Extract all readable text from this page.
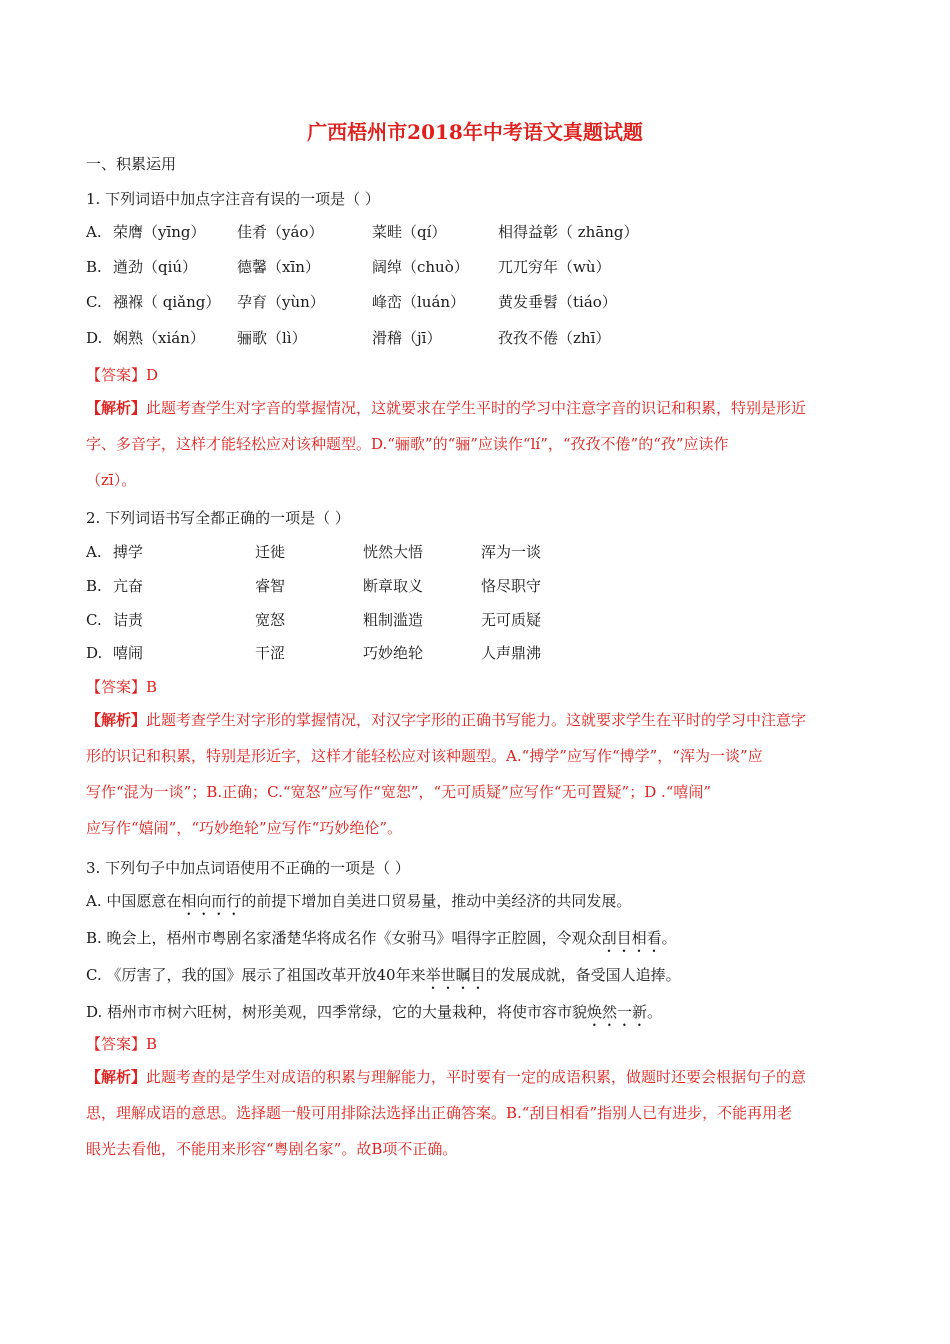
广西梧州市2018年中考语文真题试题
一、积累运用
1. 下列词语中加点字注音有误的一项是（ ）
A. 荣膺（yīng） 佳肴（yáo）	菜畦（qí）	相得益彰（ zhāng）
B. 遒劲（qiú）	德馨（xīn）	阔绰（chuò） 兀兀穷年（wù）
C. 襁褓（ qiǎng） 孕育（yùn）	峰峦（luán） 黄发垂髫（tiáo）
D. 娴熟（xián） 骊歌（lì）	滑稽（jī）	孜孜不倦（zhī）
【答案】D
【解析】此题考查学生对字音的掌握情况，这就要求在学生平时的学习中注意字音的识记和积累，特别是形近
字、多音字，这样才能轻松应对该种题型。D.“骊歌”的“骊”应读作“lí”，“孜孜不倦”的“孜”应读作
（zī）。
2. 下列词语书写全都正确的一项是（ ）
A. 搏学	迁徙	恍然大悟	浑为一谈
B. 亢奋	睿智	断章取义	恪尽职守
C. 诘责	宽怒	粗制滥造	无可质疑
D. 嘻闹	干涩	巧妙绝轮	人声鼎沸
【答案】B
【解析】此题考查学生对字形的掌握情况，对汉字字形的正确书写能力。这就要求学生在平时的学习中注意字
形的识记和积累，特别是形近字，这样才能轻松应对该种题型。A.“搏学”应写作“博学”，“浑为一谈”应
写作“混为一谈”；B.正确；C.“宽怒”应写作“宽恕”，“无可质疑”应写作“无可置疑”；D .“嘻闹”
应写作“嬉闹”，“巧妙绝轮”应写作“巧妙绝伦”。
3. 下列句子中加点词语使用不正确的一项是（ ）
A. 中国愿意在相向而行的前提下增加自美进口贸易量，推动中美经济的共同发展。
B. 晚会上，梧州市粤剧名家潘楚华将成名作《女驸马》唱得字正腔圆，令观众刮目相看。
C. 《厉害了，我的国》展示了祖国改革开放40年来举世瞩目的发展成就，备受国人追捧。
D. 梧州市市树六旺树，树形美观，四季常绿，它的大量栽种，将使市容市貌焕然一新。
【答案】B
【解析】此题考查的是学生对成语的积累与理解能力，平时要有一定的成语积累，做题时还要会根据句子的意
思，理解成语的意思。选择题一般可用排除法选择出正确答案。B.“刮目相看”指别人已有进步，不能再用老
眼光去看他，不能用来形容“粤剧名家”。故B项不正确。
